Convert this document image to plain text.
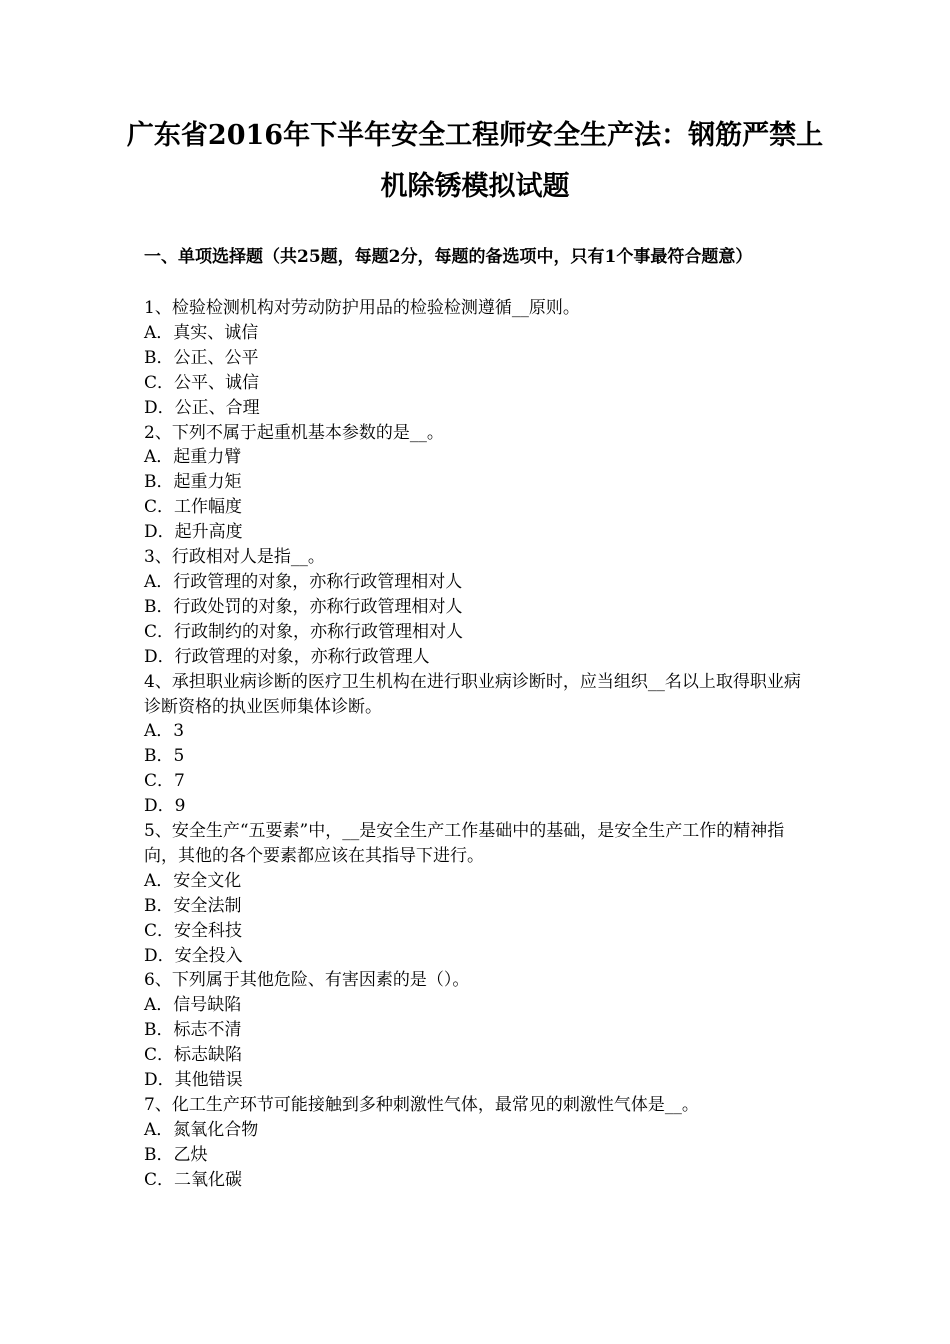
广东省2016年下半年安全工程师安全生产法：钢筋严禁上
机除锈模拟试题
一、单项选择题（共25题，每题2分，每题的备选项中，只有1个事最符合题意）

1、检验检测机构对劳动防护用品的检验检测遵循__原则。

A．真实、诚信

B．公正、公平

C．公平、诚信

D．公正、合理

2、下列不属于起重机基本参数的是__。

A．起重力臂

B．起重力矩

C．工作幅度

D．起升高度

3、行政相对人是指__。

A．行政管理的对象，亦称行政管理相对人

B．行政处罚的对象，亦称行政管理相对人

C．行政制约的对象，亦称行政管理相对人

D．行政管理的对象，亦称行政管理人

4、承担职业病诊断的医疗卫生机构在进行职业病诊断时，应当组织__名以上取得职业病诊断资格的执业医师集体诊断。

A．3

B．5

C．7

D．9

5、安全生产“五要素”中，__是安全生产工作基础中的基础，是安全生产工作的精神指向，其他的各个要素都应该在其指导下进行。

A．安全文化

B．安全法制

C．安全科技

D．安全投入

6、下列属于其他危险、有害因素的是（）。

A．信号缺陷

B．标志不清

C．标志缺陷

D．其他错误

7、化工生产环节可能接触到多种刺激性气体，最常见的刺激性气体是__。

A．氮氧化合物

B．乙炔

C．二氧化碳
